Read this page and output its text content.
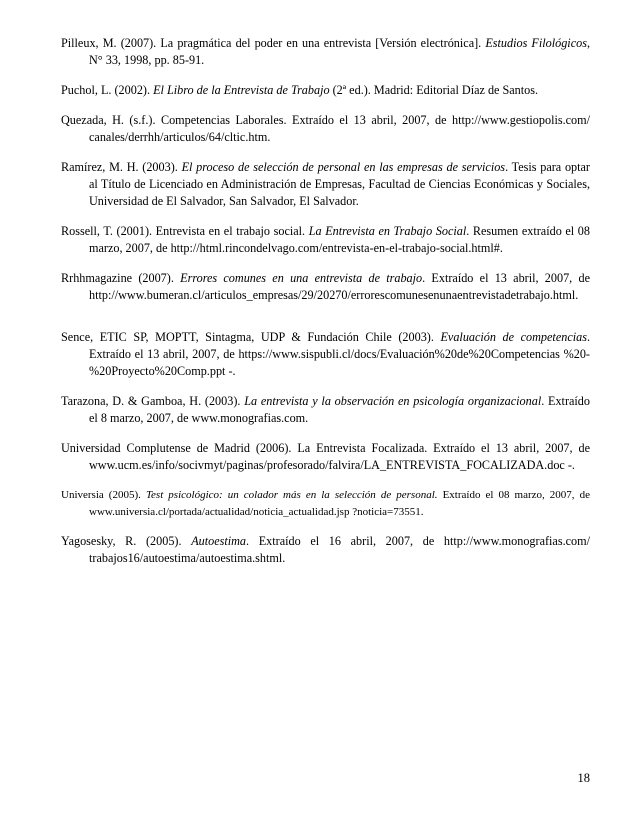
Pilleux, M. (2007). La pragmática del poder en una entrevista [Versión electrónica]. Estudios Filológicos, N° 33, 1998, pp. 85-91.

Puchol, L. (2002). El Libro de la Entrevista de Trabajo (2ª ed.). Madrid: Editorial Díaz de Santos.

Quezada, H. (s.f.). Competencias Laborales. Extraído el 13 abril, 2007, de http://www.gestiopolis.com/ canales/derrhh/articulos/64/cltic.htm.

Ramírez, M. H. (2003). El proceso de selección de personal en las empresas de servicios. Tesis para optar al Título de Licenciado en Administración de Empresas, Facultad de Ciencias Económicas y Sociales, Universidad de El Salvador, San Salvador, El Salvador.

Rossell, T. (2001). Entrevista en el trabajo social. La Entrevista en Trabajo Social. Resumen extraído el 08 marzo, 2007, de http://html.rincondelvago.com/entrevista-en-el-trabajo-social.html#.

Rrhhmagazine (2007). Errores comunes en una entrevista de trabajo. Extraído el 13 abril, 2007, de http://www.bumeran.cl/articulos_empresas/29/20270/errorescomunesenunaentrevistadetrabajo.html.

Sence, ETIC SP, MOPTT, Sintagma, UDP & Fundación Chile (2003). Evaluación de competencias. Extraído el 13 abril, 2007, de https://www.sispubli.cl/docs/Evaluación%20de%20Competencias %20-%20Proyecto%20Comp.ppt -.

Tarazona, D. & Gamboa, H. (2003). La entrevista y la observación en psicología organizacional. Extraído el 8 marzo, 2007, de www.monografias.com.

Universidad Complutense de Madrid (2006). La Entrevista Focalizada. Extraído el 13 abril, 2007, de www.ucm.es/info/socivmyt/paginas/profesorado/falvira/LA_ENTREVISTA_FOCALIZADA.doc -.

Universia (2005). Test psicológico: un colador más en la selección de personal. Extraído el 08 marzo, 2007, de www.universia.cl/portada/actualidad/noticia_actualidad.jsp ?noticia=73551.

Yagosesky, R. (2005). Autoestima. Extraído el 16 abril, 2007, de http://www.monografias.com/ trabajos16/autoestima/autoestima.shtml.

18
